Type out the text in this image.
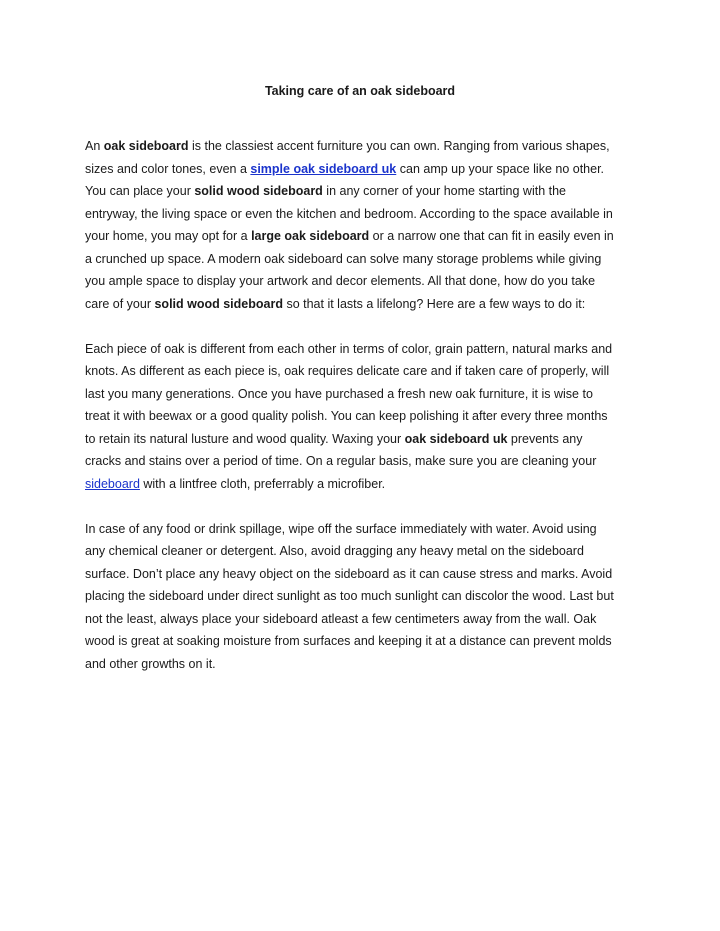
Taking care of an oak sideboard
An oak sideboard is the classiest accent furniture you can own. Ranging from various shapes,
sizes and color tones, even a simple oak sideboard uk can amp up your space like no other.
You can place your solid wood sideboard in any corner of your home starting with the
entryway, the living space or even the kitchen and bedroom. According to the space available in
your home, you may opt for a large oak sideboard or a narrow one that can fit in easily even in
a crunched up space. A modern oak sideboard can solve many storage problems while giving
you ample space to display your artwork and decor elements. All that done, how do you take
care of your solid wood sideboard so that it lasts a lifelong? Here are a few ways to do it:
Each piece of oak is different from each other in terms of color, grain pattern, natural marks and
knots. As different as each piece is, oak requires delicate care and if taken care of properly, will
last you many generations. Once you have purchased a fresh new oak furniture, it is wise to
treat it with beewax or a good quality polish. You can keep polishing it after every three months
to retain its natural lusture and wood quality. Waxing your oak sideboard uk prevents any
cracks and stains over a period of time. On a regular basis, make sure you are cleaning your
sideboard with a lintfree cloth, preferrably a microfiber.
In case of any food or drink spillage, wipe off the surface immediately with water. Avoid using
any chemical cleaner or detergent. Also, avoid dragging any heavy metal on the sideboard
surface. Don’t place any heavy object on the sideboard as it can cause stress and marks. Avoid
placing the sideboard under direct sunlight as too much sunlight can discolor the wood. Last but
not the least, always place your sideboard atleast a few centimeters away from the wall. Oak
wood is great at soaking moisture from surfaces and keeping it at a distance can prevent molds
and other growths on it.
